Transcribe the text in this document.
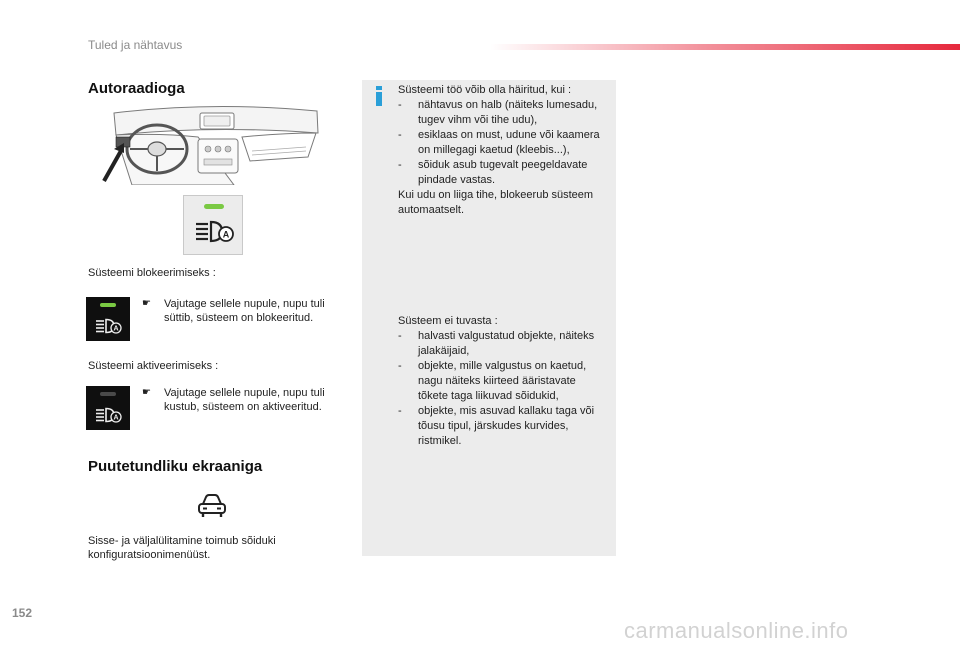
Tuled ja nähtavus
Autoraadioga
A
Süsteemi blokeerimiseks :
A
☛ Vajutage sellele nupule, nupu tuli süttib, süsteem on blokeeritud.
Süsteemi aktiveerimiseks :
A
☛ Vajutage sellele nupule, nupu tuli kustub, süsteem on aktiveeritud.
Puutetundliku ekraaniga
Sisse- ja väljalülitamine toimub sõiduki
konfiguratsioonimenüüst.
Süsteemi töö võib olla häiritud, kui :
-	nähtavus on halb (näiteks lumesadu, tugev vihm või tihe udu),
-	esiklaas on must, udune või kaamera on millegagi kaetud (kleebis...),
-	sõiduk asub tugevalt peegeldavate pindade vastas.
Kui udu on liiga tihe, blokeerub süsteem automaatselt.
Süsteem ei tuvasta :
-	halvasti valgustatud objekte, näiteks jalakäijaid,
-	objekte, mille valgustus on kaetud, nagu näiteks kiirteed ääristavate tõkete taga liikuvad sõidukid,
-	objekte, mis asuvad kallaku taga või tõusu tipul, järskudes kurvides, ristmikel.
152
carmanualsonline.info
